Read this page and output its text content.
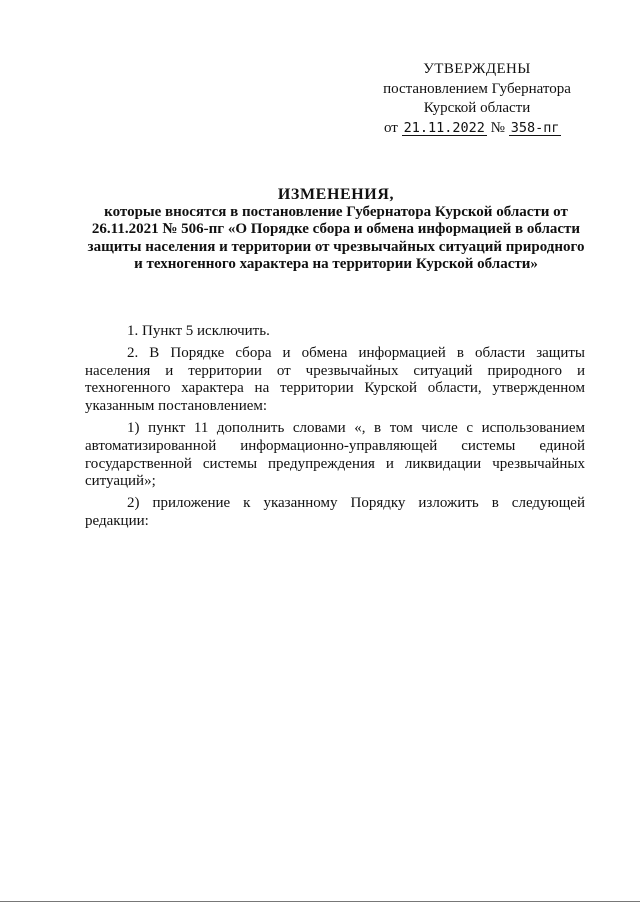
УТВЕРЖДЕНЫ
постановлением Губернатора
Курской области
от 21.11.2022 № 358-пг
ИЗМЕНЕНИЯ,
которые вносятся в постановление Губернатора Курской области от 26.11.2021 № 506-пг «О Порядке сбора и обмена информацией в области защиты населения и территории от чрезвычайных ситуаций природного и техногенного характера на территории Курской области»

1. Пункт 5 исключить.

2. В Порядке сбора и обмена информацией в области защиты населения и территории от чрезвычайных ситуаций природного и техногенного характера на территории Курской области, утвержденном указанным постановлением:

1) пункт 11 дополнить словами «, в том числе с использованием автоматизированной информационно-управляющей системы единой государственной системы предупреждения и ликвидации чрезвычайных ситуаций»;

2) приложение к указанному Порядку изложить в следующей редакции:
